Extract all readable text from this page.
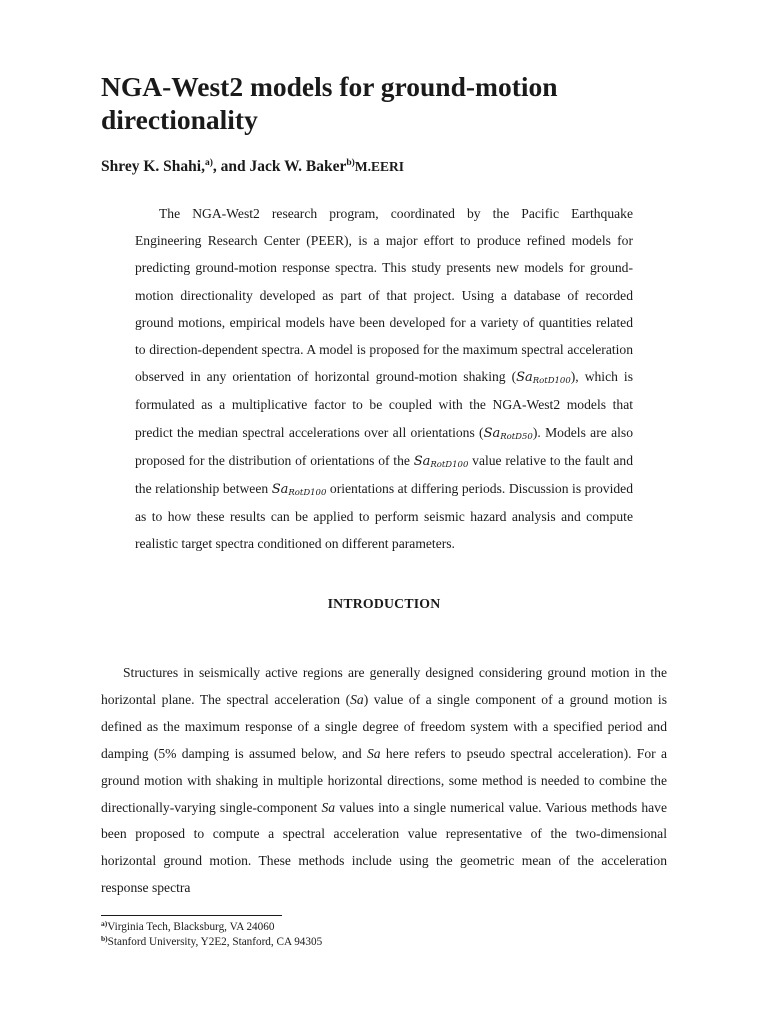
NGA-West2 models for ground-motion directionality

Shrey K. Shahi,$^{a)}$, and Jack W. Baker$^{b)}$M.EERI

The NGA-West2 research program, coordinated by the Pacific Earthquake Engineering Research Center (PEER), is a major effort to produce refined models for predicting ground-motion response spectra. This study presents new models for ground-motion directionality developed as part of that project. Using a database of recorded ground motions, empirical models have been developed for a variety of quantities related to direction-dependent spectra. A model is proposed for the maximum spectral acceleration observed in any orientation of horizontal ground-motion shaking $(Sa_{RotD100})$, which is formulated as a multiplicative factor to be coupled with the NGA-West2 models that predict the median spectral accelerations over all orientations $(Sa_{RotD50})$. Models are also proposed for the distribution of orientations of the $Sa_{RotD100}$ value relative to the fault and the relationship between $Sa_{RotD100}$ orientations at differing periods. Discussion is provided as to how these results can be applied to perform seismic hazard analysis and compute realistic target spectra conditioned on different parameters.

INTRODUCTION

Structures in seismically active regions are generally designed considering ground motion in the horizontal plane. The spectral acceleration (Sa) value of a single component of a ground motion is defined as the maximum response of a single degree of freedom system with a specified period and damping (5% damping is assumed below, and Sa here refers to pseudo spectral acceleration). For a ground motion with shaking in multiple horizontal directions, some method is needed to combine the directionally-varying single-component Sa values into a single numerical value. Various methods have been proposed to compute a spectral acceleration value representative of the two-dimensional horizontal ground motion. These methods include using the geometric mean of the acceleration response spectra

$^{a)}$Virginia Tech, Blacksburg, VA 24060
$^{b)}$Stanford University, Y2E2, Stanford, CA 94305
